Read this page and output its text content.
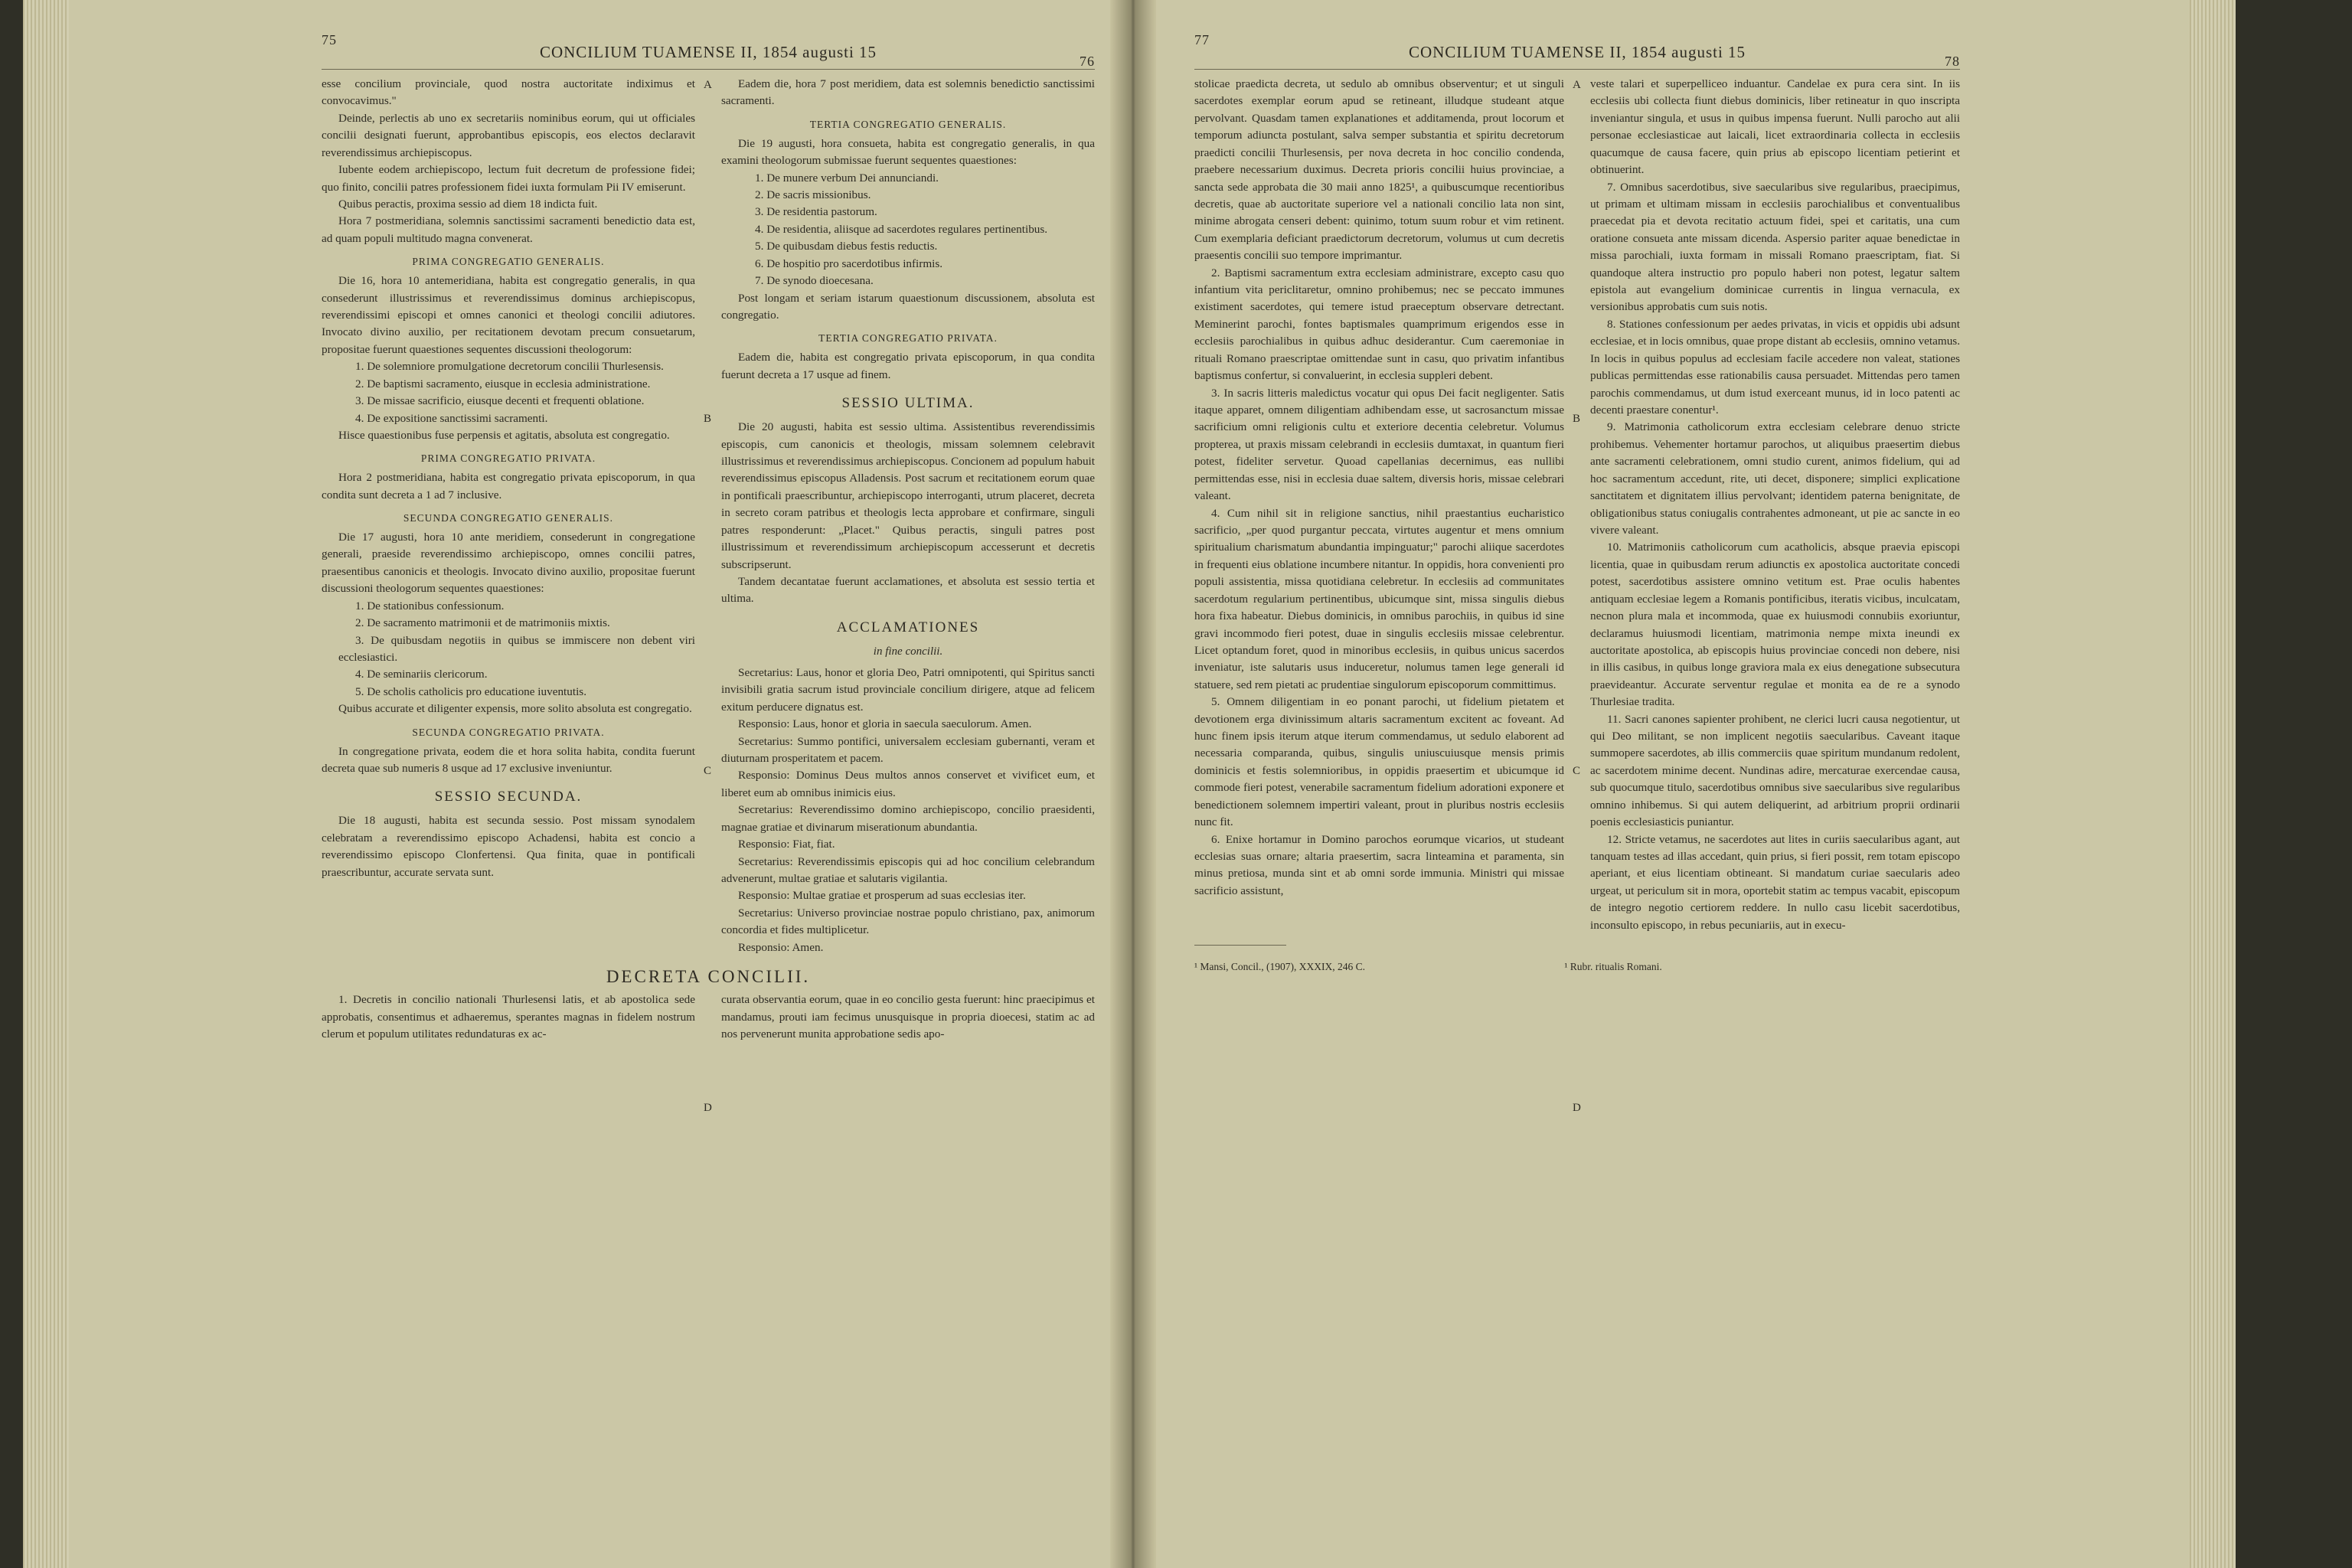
75
CONCILIUM TUAMENSE II, 1854 augusti 15	76

esse concilium provinciale, quod nostra auctoritate indiximus et convocavimus."

Deinde, perlectis ab uno ex secretariis nominibus eorum, qui ut officiales concilii designati fuerunt, approbantibus episcopis, eos electos declaravit reverendissimus archiepiscopus.

Iubente eodem archiepiscopo, lectum fuit decretum de professione fidei; quo finito, concilii patres professionem fidei iuxta formulam Pii IV emiserunt.

Quibus peractis, proxima sessio ad diem 18 indicta fuit.

Hora 7 postmeridiana, solemnis sanctissimi sacramenti benedictio data est, ad quam populi multitudo magna convenerat.

PRIMA CONGREGATIO GENERALIS.

Die 16, hora 10 antemeridiana, habita est congregatio generalis, in qua consederunt illustrissimus et reverendissimus dominus archiepiscopus, reverendissimi episcopi et omnes canonici et theologi concilii adiutores. Invocato divino auxilio, per recitationem devotam precum consuetarum, propositae fuerunt quaestiones sequentes discussioni theologorum:

1. De solemniore promulgatione decretorum concilii Thurlesensis.

2. De baptismi sacramento, eiusque in ecclesia administratione.

3. De missae sacrificio, eiusque decenti et frequenti oblatione.

4. De expositione sanctissimi sacramenti.

Hisce quaestionibus fuse perpensis et agitatis, absoluta est congregatio.

PRIMA CONGREGATIO PRIVATA.

Hora 2 postmeridiana, habita est congregatio privata episcoporum, in qua condita sunt decreta a 1 ad 7 inclusive.

SECUNDA CONGREGATIO GENERALIS.

Die 17 augusti, hora 10 ante meridiem, consederunt in congregatione generali, praeside reverendissimo archiepiscopo, omnes concilii patres, praesentibus canonicis et theologis. Invocato divino auxilio, propositae fuerunt discussioni theologorum sequentes quaestiones:

1. De stationibus confessionum.

2. De sacramento matrimonii et de matrimoniis mixtis.

3. De quibusdam negotiis in quibus se immiscere non debent viri ecclesiastici.

4. De seminariis clericorum.

5. De scholis catholicis pro educatione iuventutis.

Quibus accurate et diligenter expensis, more solito absoluta est congregatio.

SECUNDA CONGREGATIO PRIVATA.

In congregatione privata, eodem die et hora solita habita, condita fuerunt decreta quae sub numeris 8 usque ad 17 exclusive inveniuntur.

SESSIO SECUNDA.

Die 18 augusti, habita est secunda sessio. Post missam synodalem celebratam a reverendissimo episcopo Achadensi, habita est concio a reverendissimo episcopo Clonfertensi. Qua finita, quae in pontificali praescribuntur, accurate servata sunt.

Eadem die, hora 7 post meridiem, data est solemnis benedictio sanctissimi sacramenti.

TERTIA CONGREGATIO GENERALIS.

Die 19 augusti, hora consueta, habita est congregatio generalis, in qua examini theologorum submissae fuerunt sequentes quaestiones:

1. De munere verbum Dei annunciandi.

2. De sacris missionibus.

3. De residentia pastorum.

4. De residentia, aliisque ad sacerdotes regulares pertinentibus.

5. De quibusdam diebus festis reductis.

6. De hospitio pro sacerdotibus infirmis.

7. De synodo dioecesana.

Post longam et seriam istarum quaestionum discussionem, absoluta est congregatio.

TERTIA CONGREGATIO PRIVATA.

Eadem die, habita est congregatio privata episcoporum, in qua condita fuerunt decreta a 17 usque ad finem.

SESSIO ULTIMA.

Die 20 augusti, habita est sessio ultima. Assistentibus reverendissimis episcopis, cum canonicis et theologis, missam solemnem celebravit illustrissimus et reverendissimus archiepiscopus. Concionem ad populum habuit reverendissimus episcopus Alladensis. Post sacrum et recitationem eorum quae in pontificali praescribuntur, archiepiscopo interroganti, utrum placeret, decreta in secreto coram patribus et theologis lecta approbare et confirmare, singuli patres responderunt: „Placet." Quibus peractis, singuli patres post illustrissimum et reverendissimum archiepiscopum accesserunt et decretis subscripserunt.

Tandem decantatae fuerunt acclamationes, et absoluta est sessio tertia et ultima.

ACCLAMATIONES
in fine concilii.

Secretarius: Laus, honor et gloria Deo, Patri omnipotenti, qui Spiritus sancti invisibili gratia sacrum istud provinciale concilium dirigere, atque ad felicem exitum perducere dignatus est.

Responsio: Laus, honor et gloria in saecula saeculorum. Amen.

Secretarius: Summo pontifici, universalem ecclesiam gubernanti, veram et diuturnam prosperitatem et pacem.

Responsio: Dominus Deus multos annos conservet et vivificet eum, et liberet eum ab omnibus inimicis eius.

Secretarius: Reverendissimo domino archiepiscopo, concilio praesidenti, magnae gratiae et divinarum miserationum abundantia.

Responsio: Fiat, fiat.

Secretarius: Reverendissimis episcopis qui ad hoc concilium celebrandum advenerunt, multae gratiae et salutaris vigilantia.

Responsio: Multae gratiae et prosperum ad suas ecclesias iter.

Secretarius: Universo provinciae nostrae populo christiano, pax, animorum concordia et fides multiplicetur.

Responsio: Amen.

A
B
C
D
DECRETA CONCILII.

1. Decretis in concilio nationali Thurlesensi latis, et ab apostolica sede approbatis, consentimus et adhaeremus, sperantes magnas in fidelem nostrum clerum et populum utilitates redundaturas ex ac-

curata observantia eorum, quae in eo concilio gesta fuerunt: hinc praecipimus et mandamus, prouti iam fecimus unusquisque in propria dioecesi, statim ac ad nos pervenerunt munita approbatione sedis apo-

77
CONCILIUM TUAMENSE II, 1854 augusti 15	78

stolicae praedicta decreta, ut sedulo ab omnibus observentur; et ut singuli sacerdotes exemplar eorum apud se retineant, illudque studeant atque pervolvant. Quasdam tamen explanationes et additamenda, prout locorum et temporum adiuncta postulant, salva semper substantia et spiritu decretorum praedicti concilii Thurlesensis, per nova decreta in hoc concilio condenda, praebere necessarium duximus. Decreta prioris concilii huius provinciae, a sancta sede approbata die 30 maii anno 1825¹, a quibuscumque recentioribus decretis, quae ab auctoritate superiore vel a nationali concilio lata non sint, minime abrogata censeri debent: quinimo, totum suum robur et vim retinent. Cum exemplaria deficiant praedictorum decretorum, volumus ut cum decretis praesentis concilii suo tempore imprimantur.

2. Baptismi sacramentum extra ecclesiam administrare, excepto casu quo infantium vita periclitaretur, omnino prohibemus; nec se peccato immunes existiment sacerdotes, qui temere istud praeceptum observare detrectant. Meminerint parochi, fontes baptismales quamprimum erigendos esse in ecclesiis parochialibus in quibus adhuc desiderantur. Cum caeremoniae in rituali Romano praescriptae omittendae sunt in casu, quo privatim infantibus baptismus confertur, si convaluerint, in ecclesia suppleri debent.

3. In sacris litteris maledictus vocatur qui opus Dei facit negligenter. Satis itaque apparet, omnem diligentiam adhibendam esse, ut sacrosanctum missae sacrificium omni religionis cultu et exteriore decentia celebretur. Volumus propterea, ut praxis missam celebrandi in ecclesiis dumtaxat, in quantum fieri potest, fideliter servetur. Quoad capellanias decernimus, eas nullibi permittendas esse, nisi in ecclesia duae saltem, diversis horis, missae celebrari valeant.

4. Cum nihil sit in religione sanctius, nihil praestantius eucharistico sacrificio, „per quod purgantur peccata, virtutes augentur et mens omnium spiritualium charismatum abundantia impinguatur;" parochi aliique sacerdotes in frequenti eius oblatione incumbere nitantur. In oppidis, hora convenienti pro populi assistentia, missa quotidiana celebretur. In ecclesiis ad communitates sacerdotum regularium pertinentibus, ubicumque sint, missa singulis diebus hora fixa habeatur. Diebus dominicis, in omnibus parochiis, in quibus id sine gravi incommodo fieri potest, duae in singulis ecclesiis missae celebrentur. Licet optandum foret, quod in minoribus ecclesiis, in quibus unicus sacerdos inveniatur, iste salutaris usus induceretur, nolumus tamen lege generali id statuere, sed rem pietati ac prudentiae singulorum episcoporum committimus.

5. Omnem diligentiam in eo ponant parochi, ut fidelium pietatem et devotionem erga divinissimum altaris sacramentum excitent ac foveant. Ad hunc finem ipsis iterum atque iterum commendamus, ut sedulo elaborent ad necessaria comparanda, quibus, singulis uniuscuiusque mensis primis dominicis et festis solemnioribus, in oppidis praesertim et ubicumque id commode fieri potest, venerabile sacramentum fidelium adorationi exponere et benedictionem solemnem impertiri valeant, prout in pluribus nostris ecclesiis nunc fit.

6. Enixe hortamur in Domino parochos eorumque vicarios, ut studeant ecclesias suas ornare; altaria praesertim, sacra linteamina et paramenta, sin minus pretiosa, munda sint et ab omni sorde immunia. Ministri qui missae sacrificio assistunt,

veste talari et superpelliceo induantur. Candelae ex pura cera sint. In iis ecclesiis ubi collecta fiunt diebus dominicis, liber retineatur in quo inscripta inveniantur singula, et usus in quibus impensa fuerunt. Nulli parocho aut alii personae ecclesiasticae aut laicali, licet extraordinaria collecta in ecclesiis quacumque de causa facere, quin prius ab episcopo licentiam petierint et obtinuerint.

7. Omnibus sacerdotibus, sive saecularibus sive regularibus, praecipimus, ut primam et ultimam missam in ecclesiis parochialibus et conventualibus praecedat pia et devota recitatio actuum fidei, spei et caritatis, una cum oratione consueta ante missam dicenda. Aspersio pariter aquae benedictae in missa parochiali, iuxta formam in missali Romano praescriptam, fiat. Si quandoque altera instructio pro populo haberi non potest, legatur saltem epistola aut evangelium dominicae currentis in lingua vernacula, ex versionibus approbatis cum suis notis.

8. Stationes confessionum per aedes privatas, in vicis et oppidis ubi adsunt ecclesiae, et in locis omnibus, quae prope distant ab ecclesiis, omnino vetamus. In locis in quibus populus ad ecclesiam facile accedere non valeat, stationes publicas permittendas esse rationabilis causa persuadet. Mittendas pero tamen parochis commendamus, ut dum istud exerceant munus, id in loco patenti ac decenti praestare conentur¹.

9. Matrimonia catholicorum extra ecclesiam celebrare denuo stricte prohibemus. Vehementer hortamur parochos, ut aliquibus praesertim diebus ante sacramenti celebrationem, omni studio curent, animos fidelium, qui ad hoc sacramentum accedunt, rite, uti decet, disponere; simplici explicatione sanctitatem et dignitatem illius pervolvant; identidem paterna benignitate, de obligationibus status coniugalis contrahentes admoneant, ut pie ac sancte in eo vivere valeant.

10. Matrimoniis catholicorum cum acatholicis, absque praevia episcopi licentia, quae in quibusdam rerum adiunctis ex apostolica auctoritate concedi potest, sacerdotibus assistere omnino vetitum est. Prae oculis habentes antiquam ecclesiae legem a Romanis pontificibus, iteratis vicibus, inculcatam, necnon plura mala et incommoda, quae ex huiusmodi connubiis exoriuntur, declaramus huiusmodi licentiam, matrimonia nempe mixta ineundi ex auctoritate apostolica, ab episcopis huius provinciae concedi non debere, nisi in illis casibus, in quibus longe graviora mala ex eius denegatione subsecutura praevideantur. Accurate serventur regulae et monita ea de re a synodo Thurlesiae tradita.

11. Sacri canones sapienter prohibent, ne clerici lucri causa negotientur, ut qui Deo militant, se non implicent negotiis saecularibus. Caveant itaque summopere sacerdotes, ab illis commerciis quae spiritum mundanum redolent, ac sacerdotem minime decent. Nundinas adire, mercaturae exercendae causa, sub quocumque titulo, sacerdotibus omnibus sive saecularibus sive regularibus omnino inhibemus. Si qui autem deliquerint, ad arbitrium proprii ordinarii poenis ecclesiasticis puniantur.

12. Stricte vetamus, ne sacerdotes aut lites in curiis saecularibus agant, aut tanquam testes ad illas accedant, quin prius, si fieri possit, rem totam episcopo aperiant, et eius licentiam obtineant. Si mandatum curiae saecularis adeo urgeat, ut periculum sit in mora, oportebit statim ac tempus vacabit, episcopum de integro negotio certiorem reddere. In nullo casu licebit sacerdotibus, inconsulto episcopo, in rebus pecuniariis, aut in execu-

A
B
C
D
¹ Mansi, Concil., (1907), XXXIX, 246 C.	¹ Rubr. ritualis Romani.
